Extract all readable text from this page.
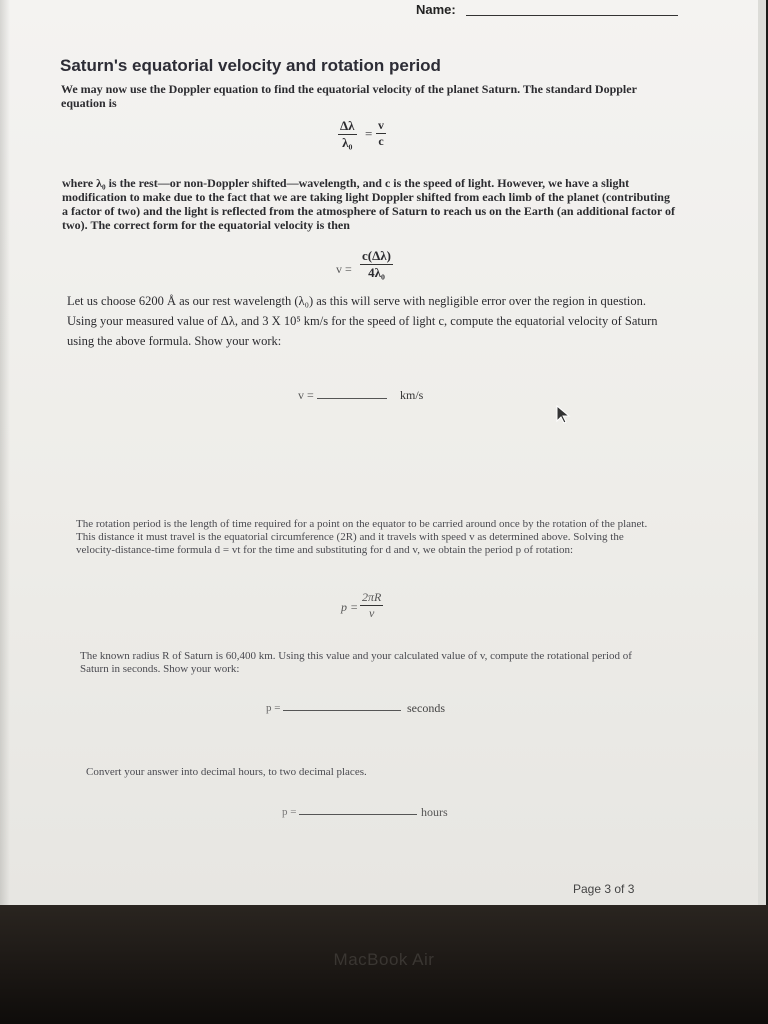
Name:
Saturn's equatorial velocity and rotation period
We may now use the Doppler equation to find the equatorial velocity of the planet Saturn. The standard Doppler equation is
$\frac{\Delta\lambda}{\text{λ₀}} = \frac{v}{c}$
where λ₀ is the rest—or non-Doppler shifted—wavelength, and c is the speed of light. However, we have a slight modification to make due to the fact that we are taking light Doppler shifted from each limb of the planet (contributing a factor of two) and the light is reflected from the atmosphere of Saturn to reach us on the Earth (an additional factor of two). The correct form for the equatorial velocity is then
$v = \frac{c(\Delta\lambda)}{\text{4λ₀}}$
Let us choose 6200 Å as our rest wavelength (λ₀) as this will serve with negligible error over the region in question. Using your measured value of Δλ, and 3 X 10⁵ km/s for the speed of light c, compute the equatorial velocity of Saturn using the above formula. Show your work:
v =	km/s
The rotation period is the length of time required for a point on the equator to be carried around once by the rotation of the planet. This distance it must travel is the equatorial circumference (2R) and it travels with speed v as determined above. Solving the velocity-distance-time formula d = vt for the time and substituting for d and v, we obtain the period p of rotation:
$p = \frac{2\pi R}{v}$
The known radius R of Saturn is 60,400 km. Using this value and your calculated value of v, compute the rotational period of Saturn in seconds. Show your work:
p =	seconds
Convert your answer into decimal hours, to two decimal places.
p =	hours
Page 3 of 3
MacBook Air
